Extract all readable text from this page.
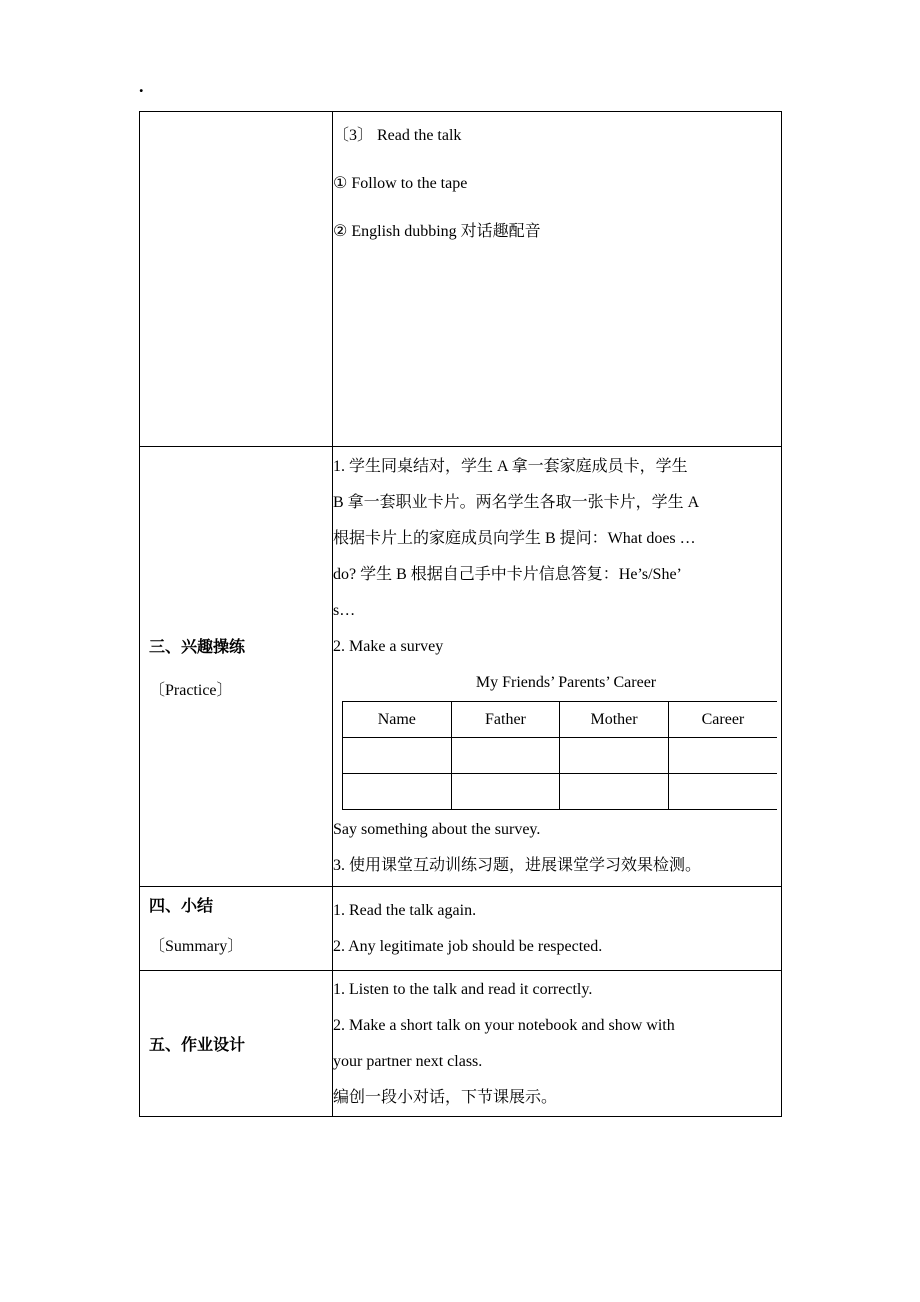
.

〔3〕 Read the talk
① Follow to the tape
② English dubbing 对话趣配音

三、兴趣操练
〔Practice〕

1. 学生同桌结对，学生 A 拿一套家庭成员卡，学生
B 拿一套职业卡片。两名学生各取一张卡片，学生 A
根据卡片上的家庭成员向学生 B 提问：What does …
do? 学生 B 根据自己手中卡片信息答复：He’s/She’
s…
2. Make a survey
My Friends’ Parents’ Career
Name	Father	Mother	Career

Say something about the survey.
3. 使用课堂互动训练习题，进展课堂学习效果检测。

四、小结
〔Summary〕

1. Read the talk again.
2. Any legitimate job should be respected.

五、作业设计

1. Listen to the talk and read it correctly.
2. Make a short talk on your notebook and show with
your partner next class.
编创一段小对话，下节课展示。
